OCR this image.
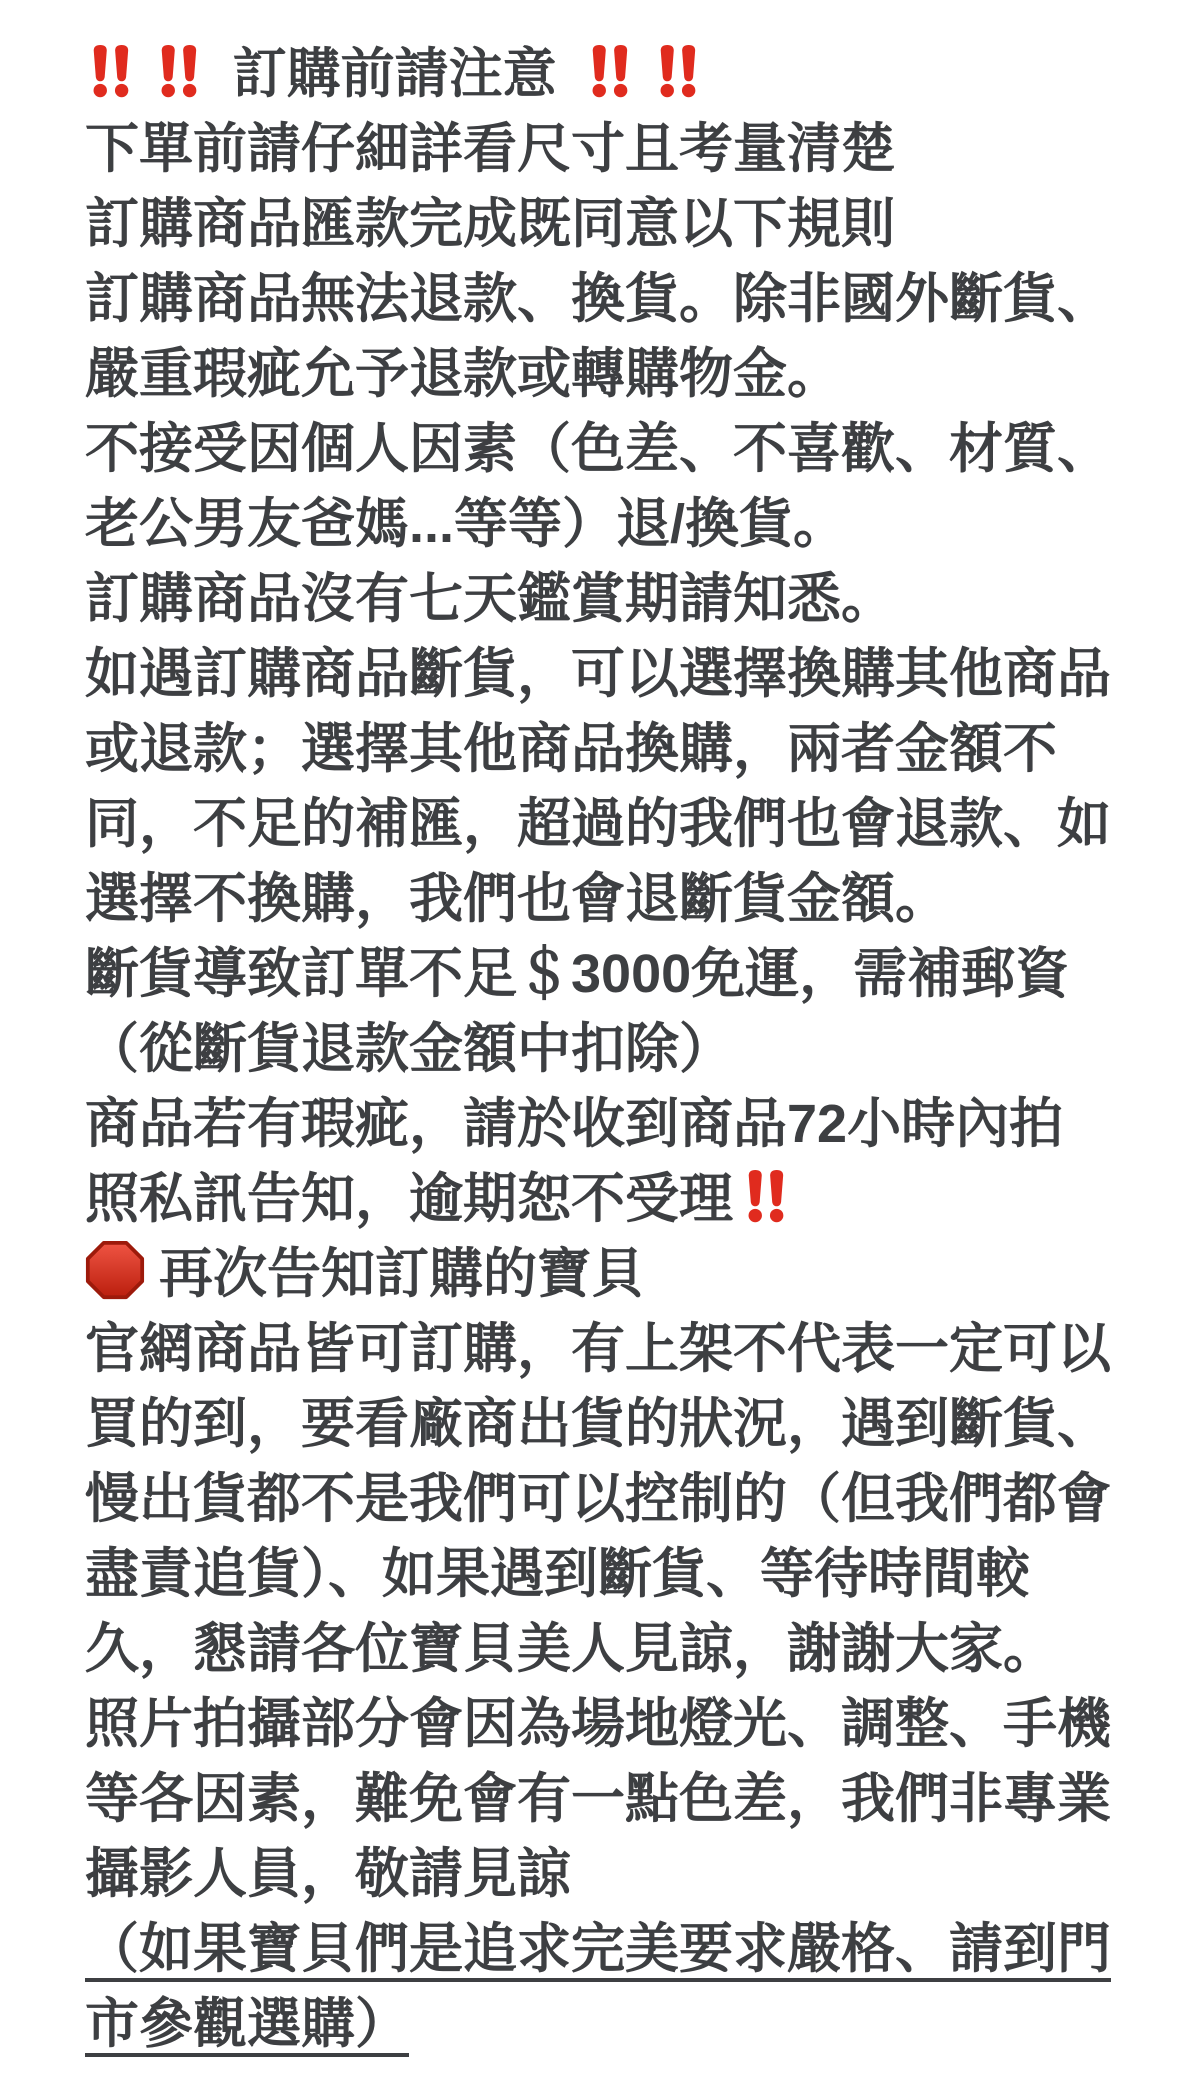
訂購前請注意
下單前請仔細詳看尺寸且考量清楚
訂購商品匯款完成既同意以下規則
訂購商品無法退款、換貨。除非國外斷貨、
嚴重瑕疵允予退款或轉購物金。
不接受因個人因素（色差、不喜歡、材質、
老公男友爸媽...等等）退/換貨。
訂購商品沒有七天鑑賞期請知悉。
如遇訂購商品斷貨，可以選擇換購其他商品
或退款；選擇其他商品換購，兩者金額不
同，不足的補匯，超過的我們也會退款、如
選擇不換購，我們也會退斷貨金額。
斷貨導致訂單不足＄3000免運，需補郵資
（從斷貨退款金額中扣除）
商品若有瑕疵，請於收到商品72小時內拍
照私訊告知，逾期恕不受理
再次告知訂購的寶貝
官網商品皆可訂購，有上架不代表一定可以
買的到，要看廠商出貨的狀況，遇到斷貨、
慢出貨都不是我們可以控制的（但我們都會
盡責追貨）、如果遇到斷貨、等待時間較
久，懇請各位寶貝美人見諒，謝謝大家。
照片拍攝部分會因為場地燈光、調整、手機
等各因素，難免會有一點色差，我們非專業
攝影人員，敬請見諒
（如果寶貝們是追求完美要求嚴格、請到門
市參觀選購）
